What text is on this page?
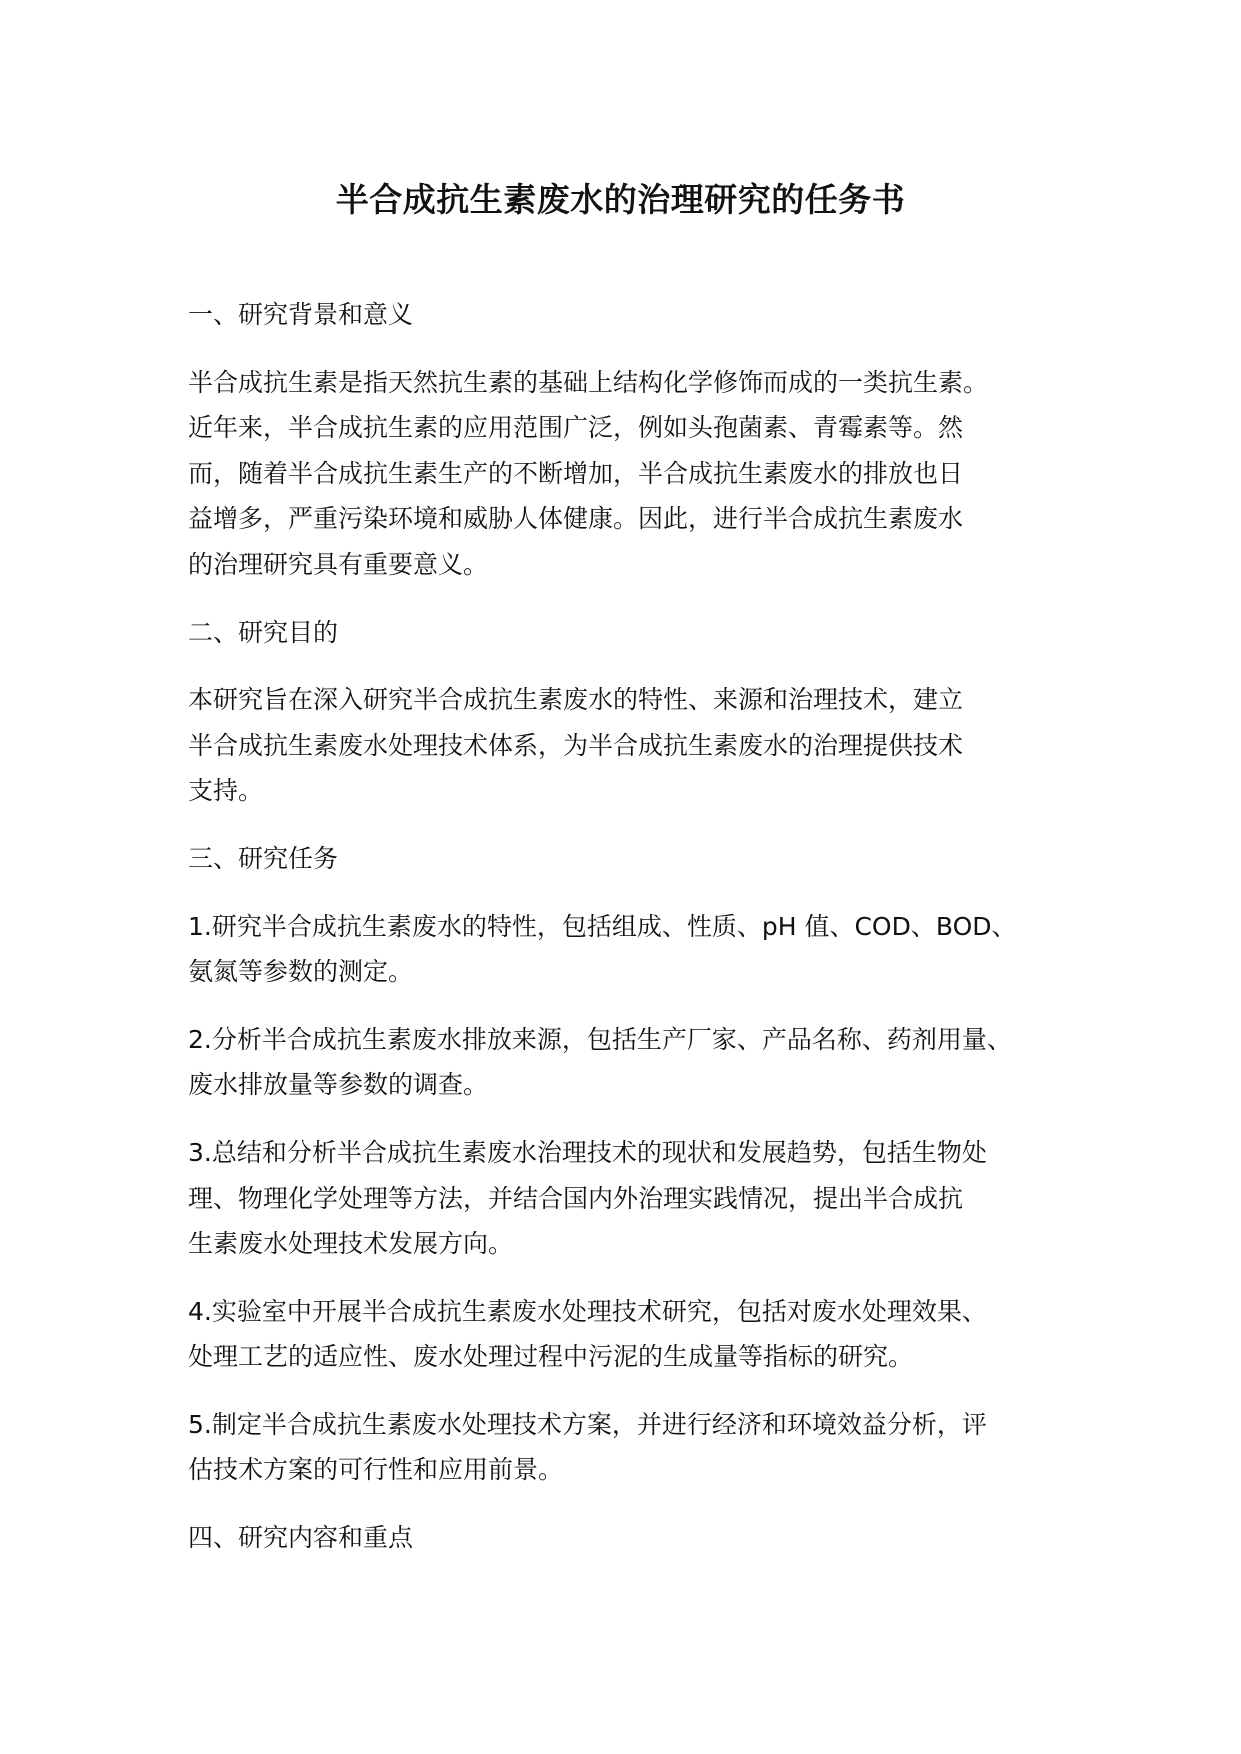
半合成抗生素废水的治理研究的任务书

一、研究背景和意义

半合成抗生素是指天然抗生素的基础上结构化学修饰而成的一类抗生素。
近年来，半合成抗生素的应用范围广泛，例如头孢菌素、青霉素等。然
而，随着半合成抗生素生产的不断增加，半合成抗生素废水的排放也日
益增多，严重污染环境和威胁人体健康。因此，进行半合成抗生素废水
的治理研究具有重要意义。

二、研究目的

本研究旨在深入研究半合成抗生素废水的特性、来源和治理技术，建立
半合成抗生素废水处理技术体系，为半合成抗生素废水的治理提供技术
支持。

三、研究任务

1.研究半合成抗生素废水的特性，包括组成、性质、pH 值、COD、BOD、
氨氮等参数的测定。

2.分析半合成抗生素废水排放来源，包括生产厂家、产品名称、药剂用量、
废水排放量等参数的调查。

3.总结和分析半合成抗生素废水治理技术的现状和发展趋势，包括生物处
理、物理化学处理等方法，并结合国内外治理实践情况，提出半合成抗
生素废水处理技术发展方向。

4.实验室中开展半合成抗生素废水处理技术研究，包括对废水处理效果、
处理工艺的适应性、废水处理过程中污泥的生成量等指标的研究。

5.制定半合成抗生素废水处理技术方案，并进行经济和环境效益分析，评
估技术方案的可行性和应用前景。

四、研究内容和重点
